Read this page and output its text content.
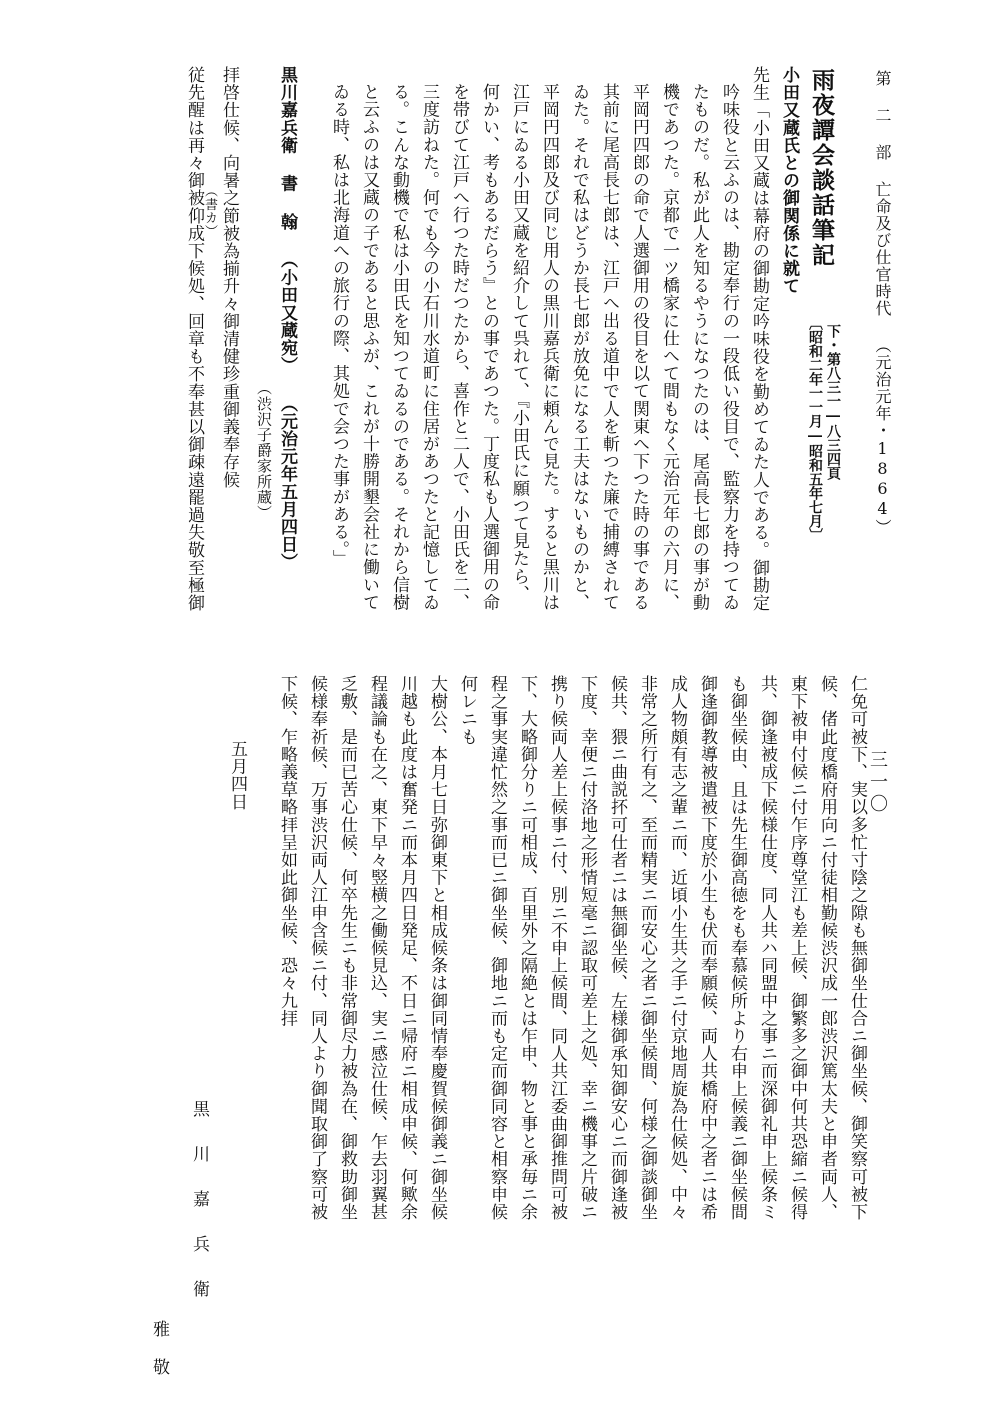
第 二 部 亡命及び仕官時代 （元治元年・1864）
雨夜譚会談話筆記
下・第八三一―八三四頁
〔昭和二年一一月―昭和五年七月〕
小田又蔵氏との御関係に就て
先生「小田又蔵は幕府の御勘定吟味役を勤めてゐた人である。御勘定
吟味役と云ふのは、勘定奉行の一段低い役目で、監察力を持つてゐ
たものだ。私が此人を知るやうになつたのは、尾高長七郎の事が動
機であつた。京都で一ツ橋家に仕へて間もなく元治元年の六月に、
平岡円四郎の命で人選御用の役目を以て関東へ下つた時の事である
其前に尾高長七郎は、江戸へ出る道中で人を斬つた廉で捕縛されて
ゐた。それで私はどうか長七郎が放免になる工夫はないものかと、
平岡円四郎及び同じ用人の黒川嘉兵衛に頼んで見た。すると黒川は
江戸にゐる小田又蔵を紹介して呉れて、『小田氏に願つて見たら、
何かい、考もあるだらう』との事であつた。丁度私も人選御用の命
を帯びて江戸へ行つた時だつたから、喜作と二人で、小田氏を二、
三度訪ねた。何でも今の小石川水道町に住居があつたと記憶してゐ
る。こんな動機で私は小田氏を知つてゐるのである。それから信樹
と云ふのは又蔵の子であると思ふが、これが十勝開墾会社に働いて
ゐる時、私は北海道への旅行の際、其処で会つた事がある。」
黒川嘉兵衛 書 翰 （小田又蔵宛） （元治元年五月四日）
（渋沢子爵家所蔵）
拝啓仕候、向暑之節被為揃升々御清健珍重御義奉存候
（書カ）
従先醒は再々御被仰成下候処、回章も不奉甚以御疎遠罷過失敬至極御
三一〇
仁免可被下、実以多忙寸陰之隙も無御坐仕合ニ御坐候、御笑察可被下
候、偖此度橋府用向ニ付徒相勤候渋沢成一郎渋沢篤太夫と申者両人、
東下被申付候ニ付乍序尊堂江も差上候、御繁多之御中何共恐縮ニ候得
共、御逢被成下候様仕度、同人共ハ同盟中之事ニ而深御礼申上候条ミ
も御坐候由、且は先生御高徳をも奉慕候所より右申上候義ニ御坐候間
御逢御教導被遣被下度於小生も伏而奉願候、両人共橋府中之者ニは希
成人物頗有志之輩ニ而、近頃小生共之手ニ付京地周旋為仕候処、中々
非常之所行有之、至而精実ニ而安心之者ニ御坐候間、何様之御談御坐
候共、猥ニ曲説抔可仕者ニは無御坐候、左様御承知御安心ニ而御逢被
下度、幸便ニ付洛地之形情短毫ニ認取可差上之処、幸ニ機事之片破ニ
携り候両人差上候事ニ付、別ニ不申上候間、同人共江委曲御推問可被
下、大略御分りニ可相成、百里外之隔絶とは乍申、物と事と承毎ニ余
程之事実違忙然之事而已ニ御坐候、御地ニ而も定而御同容と相察申候
何レニも
大樹公、本月七日弥御東下と相成候条は御同情奉慶賀候御義ニ御坐候
川越も此度は奮発ニ而本月四日発足、不日ニ帰府ニ相成申候、何歟余
程議論も在之、東下早々竪横之働候見込、実ニ感泣仕候、乍去羽翼甚
乏敷、是而已苦心仕候、何卒先生ニも非常御尽力被為在、御救助御坐
候様奉祈候、万事渋沢両人江申含候ニ付、同人より御聞取御了察可被
下候、乍略義草略拝呈如此御坐候、恐々九拝
五月四日
黒 川 嘉 兵 衛
雅 敬
